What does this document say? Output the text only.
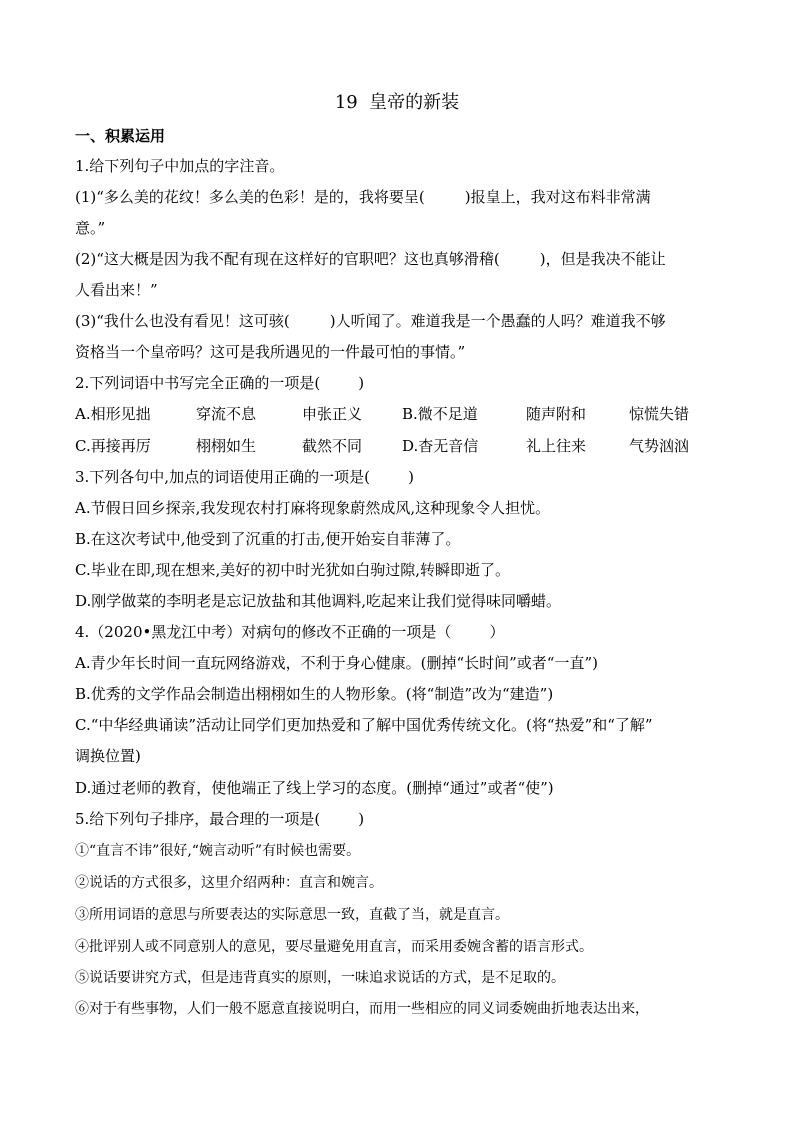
19  皇帝的新装
一、积累运用
1.给下列句子中加点的字注音。
(1)“多么美的花纹！多么美的色彩！是的，我将要呈(	)报皇上，我对这布料非常满
意。”
(2)“这大概是因为我不配有现在这样好的官职吧？这也真够滑稽(	)，但是我决不能让
人看出来！”
(3)“我什么也没有看见！这可骇(	)人听闻了。难道我是一个愚蠢的人吗？难道我不够
资格当一个皇帝吗？这可是我所遇见的一件最可怕的事情。”
2.下列词语中书写完全正确的一项是(        )
A.相形见拙	穿流不息	申张正义	B.微不足道	随声附和	惊慌失错
C.再接再厉	栩栩如生	截然不同	D.杳无音信	礼上往来	气势汹汹
3.下列各句中,加点的词语使用正确的一项是(        )
A.节假日回乡探亲,我发现农村打麻将现象蔚然成风,这种现象令人担忧。
B.在这次考试中,他受到了沉重的打击,便开始妄自菲薄了。
C.毕业在即,现在想来,美好的初中时光犹如白驹过隙,转瞬即逝了。
D.刚学做菜的李明老是忘记放盐和其他调料,吃起来让我们觉得味同嚼蜡。
4.（2020•黑龙江中考）对病句的修改不正确的一项是（        ）
A.青少年长时间一直玩网络游戏，不利于身心健康。(删掉“长时间”或者“一直”)
B.优秀的文学作品会制造出栩栩如生的人物形象。(将“制造”改为“建造”)
C.“中华经典诵读”活动让同学们更加热爱和了解中国优秀传统文化。(将“热爱”和“了解”
调换位置)
D.通过老师的教育，使他端正了线上学习的态度。(删掉“通过”或者“使”)
5.给下列句子排序，最合理的一项是(        )
①“直言不讳”很好,“婉言动听”有时候也需要。
②说话的方式很多，这里介绍两种：直言和婉言。
③所用词语的意思与所要表达的实际意思一致，直截了当，就是直言。
④批评别人或不同意别人的意见，要尽量避免用直言，而采用委婉含蓄的语言形式。
⑤说话要讲究方式，但是违背真实的原则，一味追求说话的方式，是不足取的。
⑥对于有些事物，人们一般不愿意直接说明白，而用一些相应的同义词委婉曲折地表达出来，
